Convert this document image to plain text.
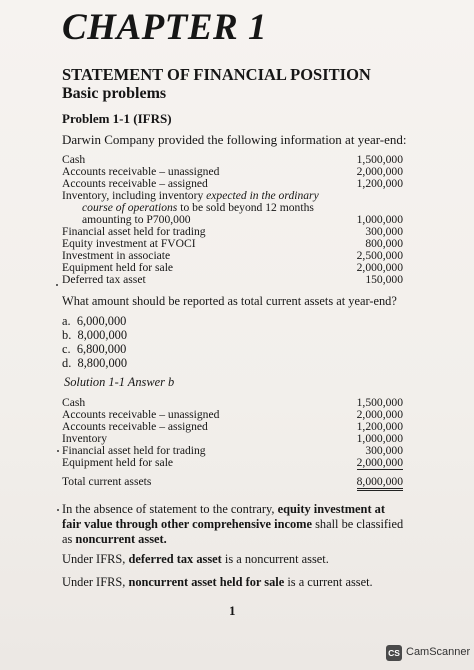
CHAPTER 1
STATEMENT OF FINANCIAL POSITION
Basic problems
Problem 1-1 (IFRS)
Darwin Company provided the following information at year-end:
Cash	1,500,000
Accounts receivable – unassigned	2,000,000
Accounts receivable – assigned	1,200,000
Inventory, including inventory expected in the ordinary
course of operations to be sold beyond 12 months
amounting to P700,000	1,000,000
Financial asset held for trading	300,000
Equity investment at FVOCI	800,000
Investment in associate	2,500,000
Equipment held for sale	2,000,000
Deferred tax asset	150,000
What amount should be reported as total current assets at year-end?
a. 6,000,000
b. 8,000,000
c. 6,800,000
d. 8,800,000
Solution 1-1 Answer b
Cash	1,500,000
Accounts receivable – unassigned	2,000,000
Accounts receivable – assigned	1,200,000
Inventory	1,000,000
Financial asset held for trading	300,000
Equipment held for sale	2,000,000
Total current assets	8,000,000
In the absence of statement to the contrary, equity investment at fair value through other comprehensive income shall be classified as noncurrent asset.
Under IFRS, deferred tax asset is a noncurrent asset.
Under IFRS, noncurrent asset held for sale is a current asset.
1
CS CamScanner
